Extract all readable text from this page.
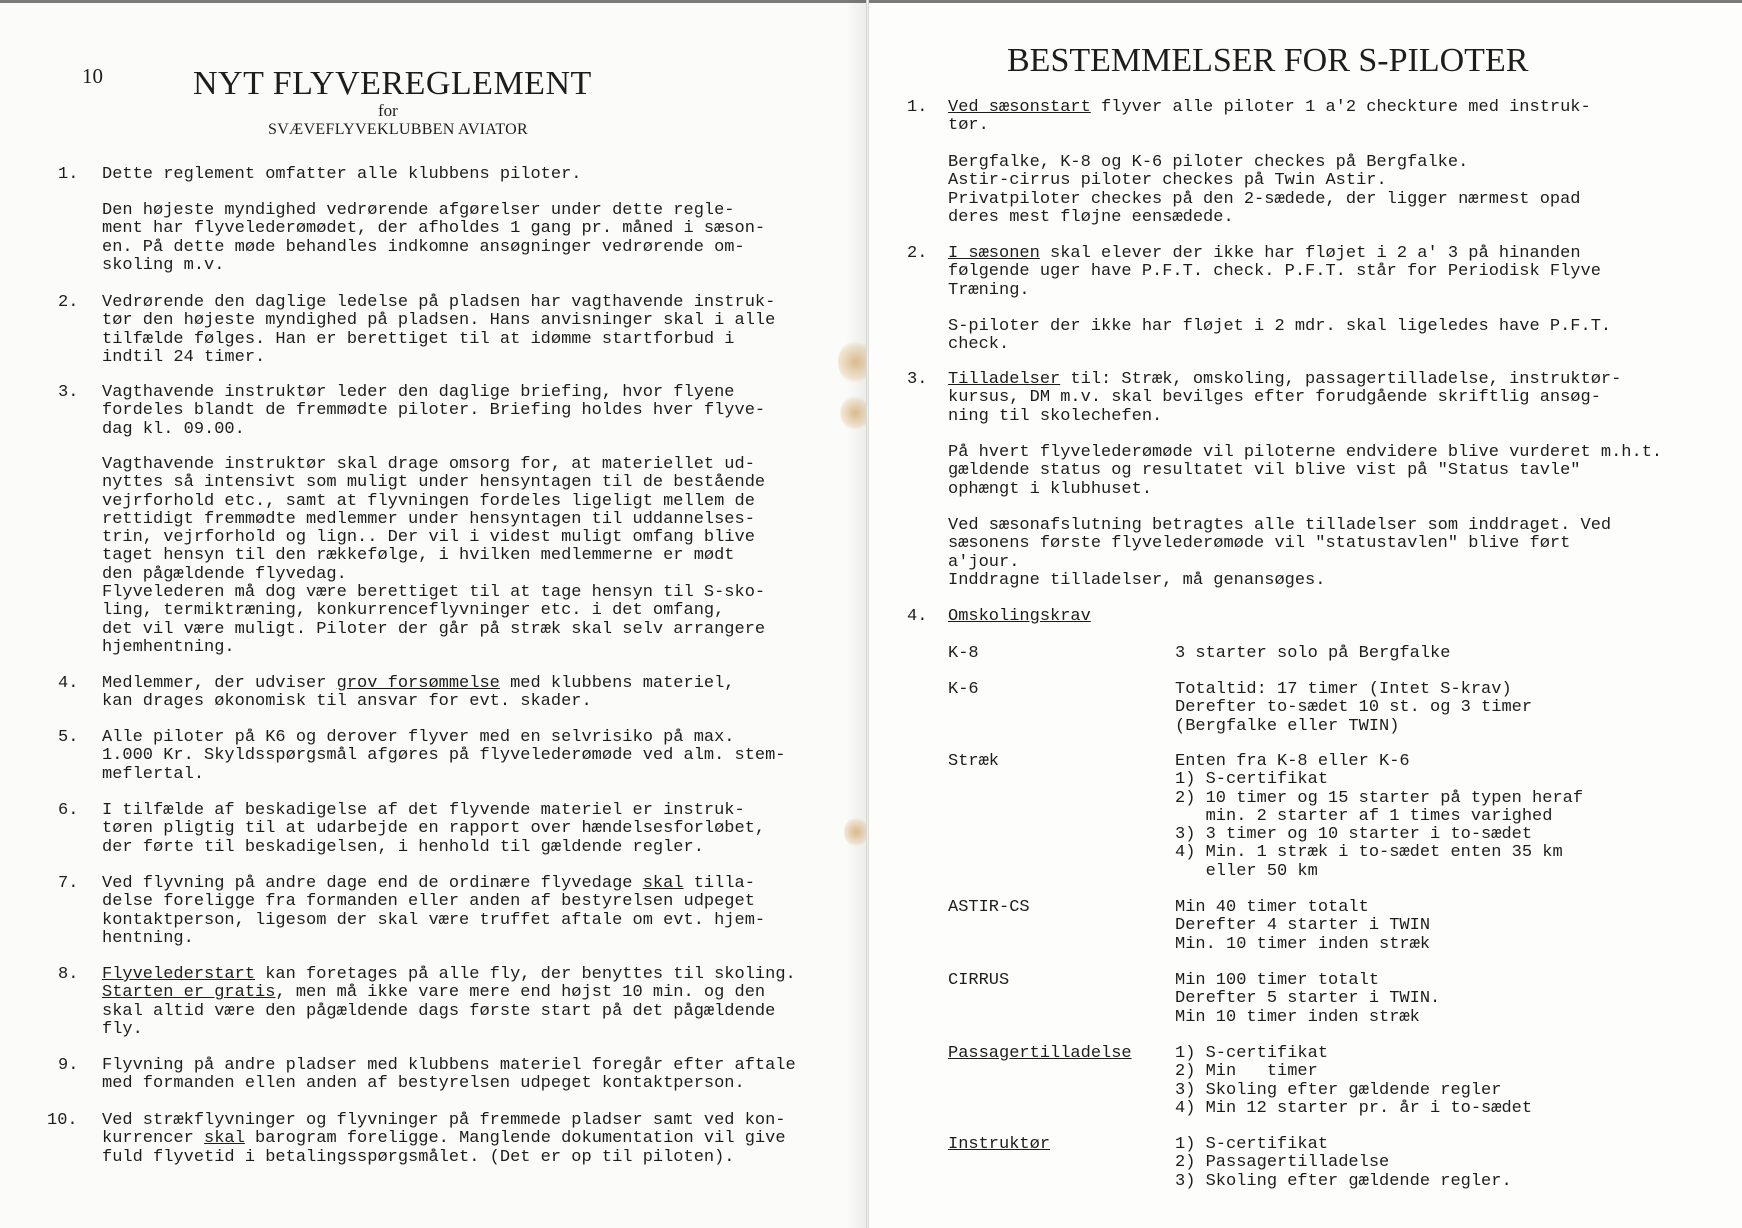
10	NYT FLYVEREGLEMENT
for
SVÆVEFLYVEKLUBBEN AVIATOR
1. Dette reglement omfatter alle klubbens piloter.
Den højeste myndighed vedrørende afgørelser under dette regle-
ment har flyvelederømødet, der afholdes 1 gang pr. måned i sæson-
en. På dette møde behandles indkomne ansøgninger vedrørende om-
skoling m.v.
2. Vedrørende den daglige ledelse på pladsen har vagthavende instruk-
tør den højeste myndighed på pladsen. Hans anvisninger skal i alle
tilfælde følges. Han er berettiget til at idømme startforbud i
indtil 24 timer.
3. Vagthavende instruktør leder den daglige briefing, hvor flyene
fordeles blandt de fremmødte piloter. Briefing holdes hver flyve-
dag kl. 09.00.
Vagthavende instruktør skal drage omsorg for, at materiellet ud-
nyttes så intensivt som muligt under hensyntagen til de bestående
vejrforhold etc., samt at flyvningen fordeles ligeligt mellem de
rettidigt fremmødte medlemmer under hensyntagen til uddannelses-
trin, vejrforhold og lign.. Der vil i videst muligt omfang blive
taget hensyn til den rækkefølge, i hvilken medlemmerne er mødt
den pågældende flyvedag.
Flyvelederen må dog være berettiget til at tage hensyn til S-sko-
ling, termiktræning, konkurrenceflyvninger etc. i det omfang,
det vil være muligt. Piloter der går på stræk skal selv arrangere
hjemhentning.
4. Medlemmer, der udviser grov forsømmelse med klubbens materiel,
kan drages økonomisk til ansvar for evt. skader.
5. Alle piloter på K6 og derover flyver med en selvrisiko på max.
1.000 Kr. Skyldsspørgsmål afgøres på flyvelederømøde ved alm. stem-
meflertal.
6. I tilfælde af beskadigelse af det flyvende materiel er instruk-
tøren pligtig til at udarbejde en rapport over hændelsesforløbet,
der førte til beskadigelsen, i henhold til gældende regler.
7. Ved flyvning på andre dage end de ordinære flyvedage skal tilla-
delse foreligge fra formanden eller anden af bestyrelsen udpeget
kontaktperson, ligesom der skal være truffet aftale om evt. hjem-
hentning.
8. Flyvelederstart kan foretages på alle fly, der benyttes til skoling.
Starten er gratis, men må ikke vare mere end højst 10 min. og den
skal altid være den pågældende dags første start på det pågældende
fly.
9. Flyvning på andre pladser med klubbens materiel foregår efter aftale
med formanden ellen anden af bestyrelsen udpeget kontaktperson.
10. Ved strækflyvninger og flyvninger på fremmede pladser samt ved kon-
kurrencer skal barogram foreligge. Manglende dokumentation vil give
fuld flyvetid i betalingsspørgsmålet. (Det er op til piloten).
BESTEMMELSER FOR S-PILOTER
1. Ved sæsonstart flyver alle piloter 1 a'2 checkture med instruk-
tør.
Bergfalke, K-8 og K-6 piloter checkes på Bergfalke.
Astir-cirrus piloter checkes på Twin Astir.
Privatpiloter checkes på den 2-sædede, der ligger nærmest opad
deres mest fløjne eensædede.
2. I sæsonen skal elever der ikke har fløjet i 2 a' 3 på hinanden
følgende uger have P.F.T. check. P.F.T. står for Periodisk Flyve
Træning.
S-piloter der ikke har fløjet i 2 mdr. skal ligeledes have P.F.T.
check.
3. Tilladelser til: Stræk, omskoling, passagertilladelse, instruktør-
kursus, DM m.v. skal bevilges efter forudgående skriftlig ansøg-
ning til skolechefen.
På hvert flyvelederømøde vil piloterne endvidere blive vurderet m.h.t.
gældende status og resultatet vil blive vist på "Status tavle"
ophængt i klubhuset.
Ved sæsonafslutning betragtes alle tilladelser som inddraget. Ved
sæsonens første flyvelederømøde vil "statustavlen" blive ført
a'jour.
Inddragne tilladelser, må genansøges.
4. Omskolingskrav
K-8	3 starter solo på Bergfalke
K-6	Totaltid: 17 timer (Intet S-krav)
Derefter to-sædet 10 st. og 3 timer
(Bergfalke eller TWIN)
Stræk	Enten fra K-8 eller K-6
1) S-certifikat
2) 10 timer og 15 starter på typen heraf
min. 2 starter af 1 times varighed
3) 3 timer og 10 starter i to-sædet
4) Min. 1 stræk i to-sædet enten 35 km
eller 50 km
ASTIR-CS	Min 40 timer totalt
Derefter 4 starter i TWIN
Min. 10 timer inden stræk
CIRRUS	Min 100 timer totalt
Derefter 5 starter i TWIN.
Min 10 timer inden stræk
Passagertilladelse	1) S-certifikat
2) Min   timer
3) Skoling efter gældende regler
4) Min 12 starter pr. år i to-sædet
Instruktør	1) S-certifikat
2) Passagertilladelse
3) Skoling efter gældende regler.
